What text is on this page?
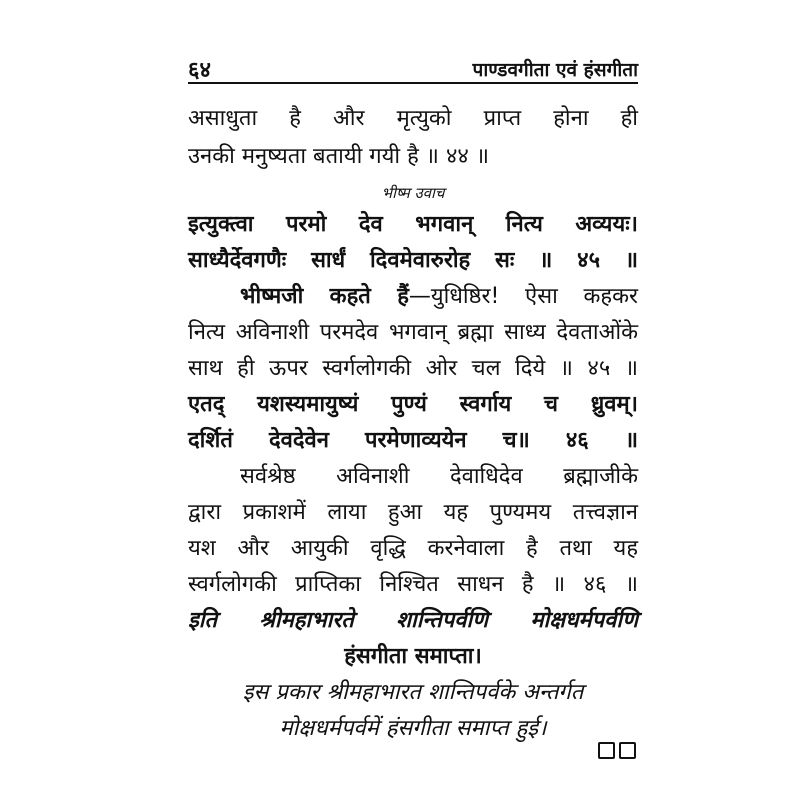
६४	पाण्डवगीता एवं हंसगीता
असाधुता है और मृत्युको प्राप्त होना ही
उनकी मनुष्यता बतायी गयी है ॥ ४४ ॥
भीष्म उवाच
इत्युक्त्वा परमो देव भगवान् नित्य अव्ययः।
साध्यैर्देवगणैः सार्धं दिवमेवारुरोह सः ॥ ४५ ॥
भीष्मजी कहते हैं—युधिष्ठिर! ऐसा कहकर
नित्य अविनाशी परमदेव भगवान् ब्रह्मा साध्य देवताओंके
साथ ही ऊपर स्वर्गलोगकी ओर चल दिये ॥ ४५ ॥
एतद् यशस्यमायुष्यं पुण्यं स्वर्गाय च ध्रुवम्।
दर्शितं देवदेवेन परमेणाव्ययेन च॥ ४६ ॥
सर्वश्रेष्ठ अविनाशी देवाधिदेव ब्रह्माजीके
द्वारा प्रकाशमें लाया हुआ यह पुण्यमय तत्त्वज्ञान
यश और आयुकी वृद्धि करनेवाला है तथा यह
स्वर्गलोगकी प्राप्तिका निश्चित साधन है ॥ ४६ ॥
इति श्रीमहाभारते शान्तिपर्वणि मोक्षधर्मपर्वणि
हंसगीता समाप्ता।
इस प्रकार श्रीमहाभारत शान्तिपर्वके अन्तर्गत
मोक्षधर्मपर्वमें हंसगीता समाप्त हुई।
